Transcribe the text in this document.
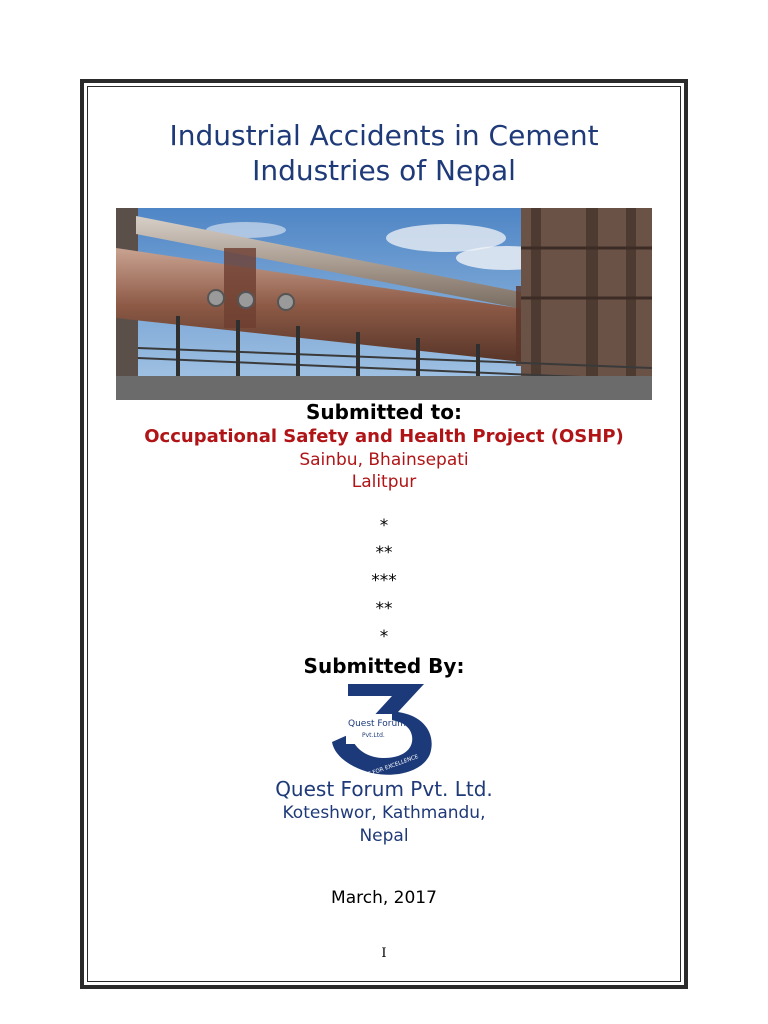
Industrial Accidents in Cement
Industries of Nepal
Submitted to:
Occupational Safety and Health Project (OSHP)
Sainbu, Bhainsepati
Lalitpur
*
**
***
**
*
Submitted By:
Quest Forum
Pvt.Ltd.
QUEST FOR EXCELLENCE
Quest Forum Pvt. Ltd.
Koteshwor, Kathmandu,
Nepal
March, 2017
I
